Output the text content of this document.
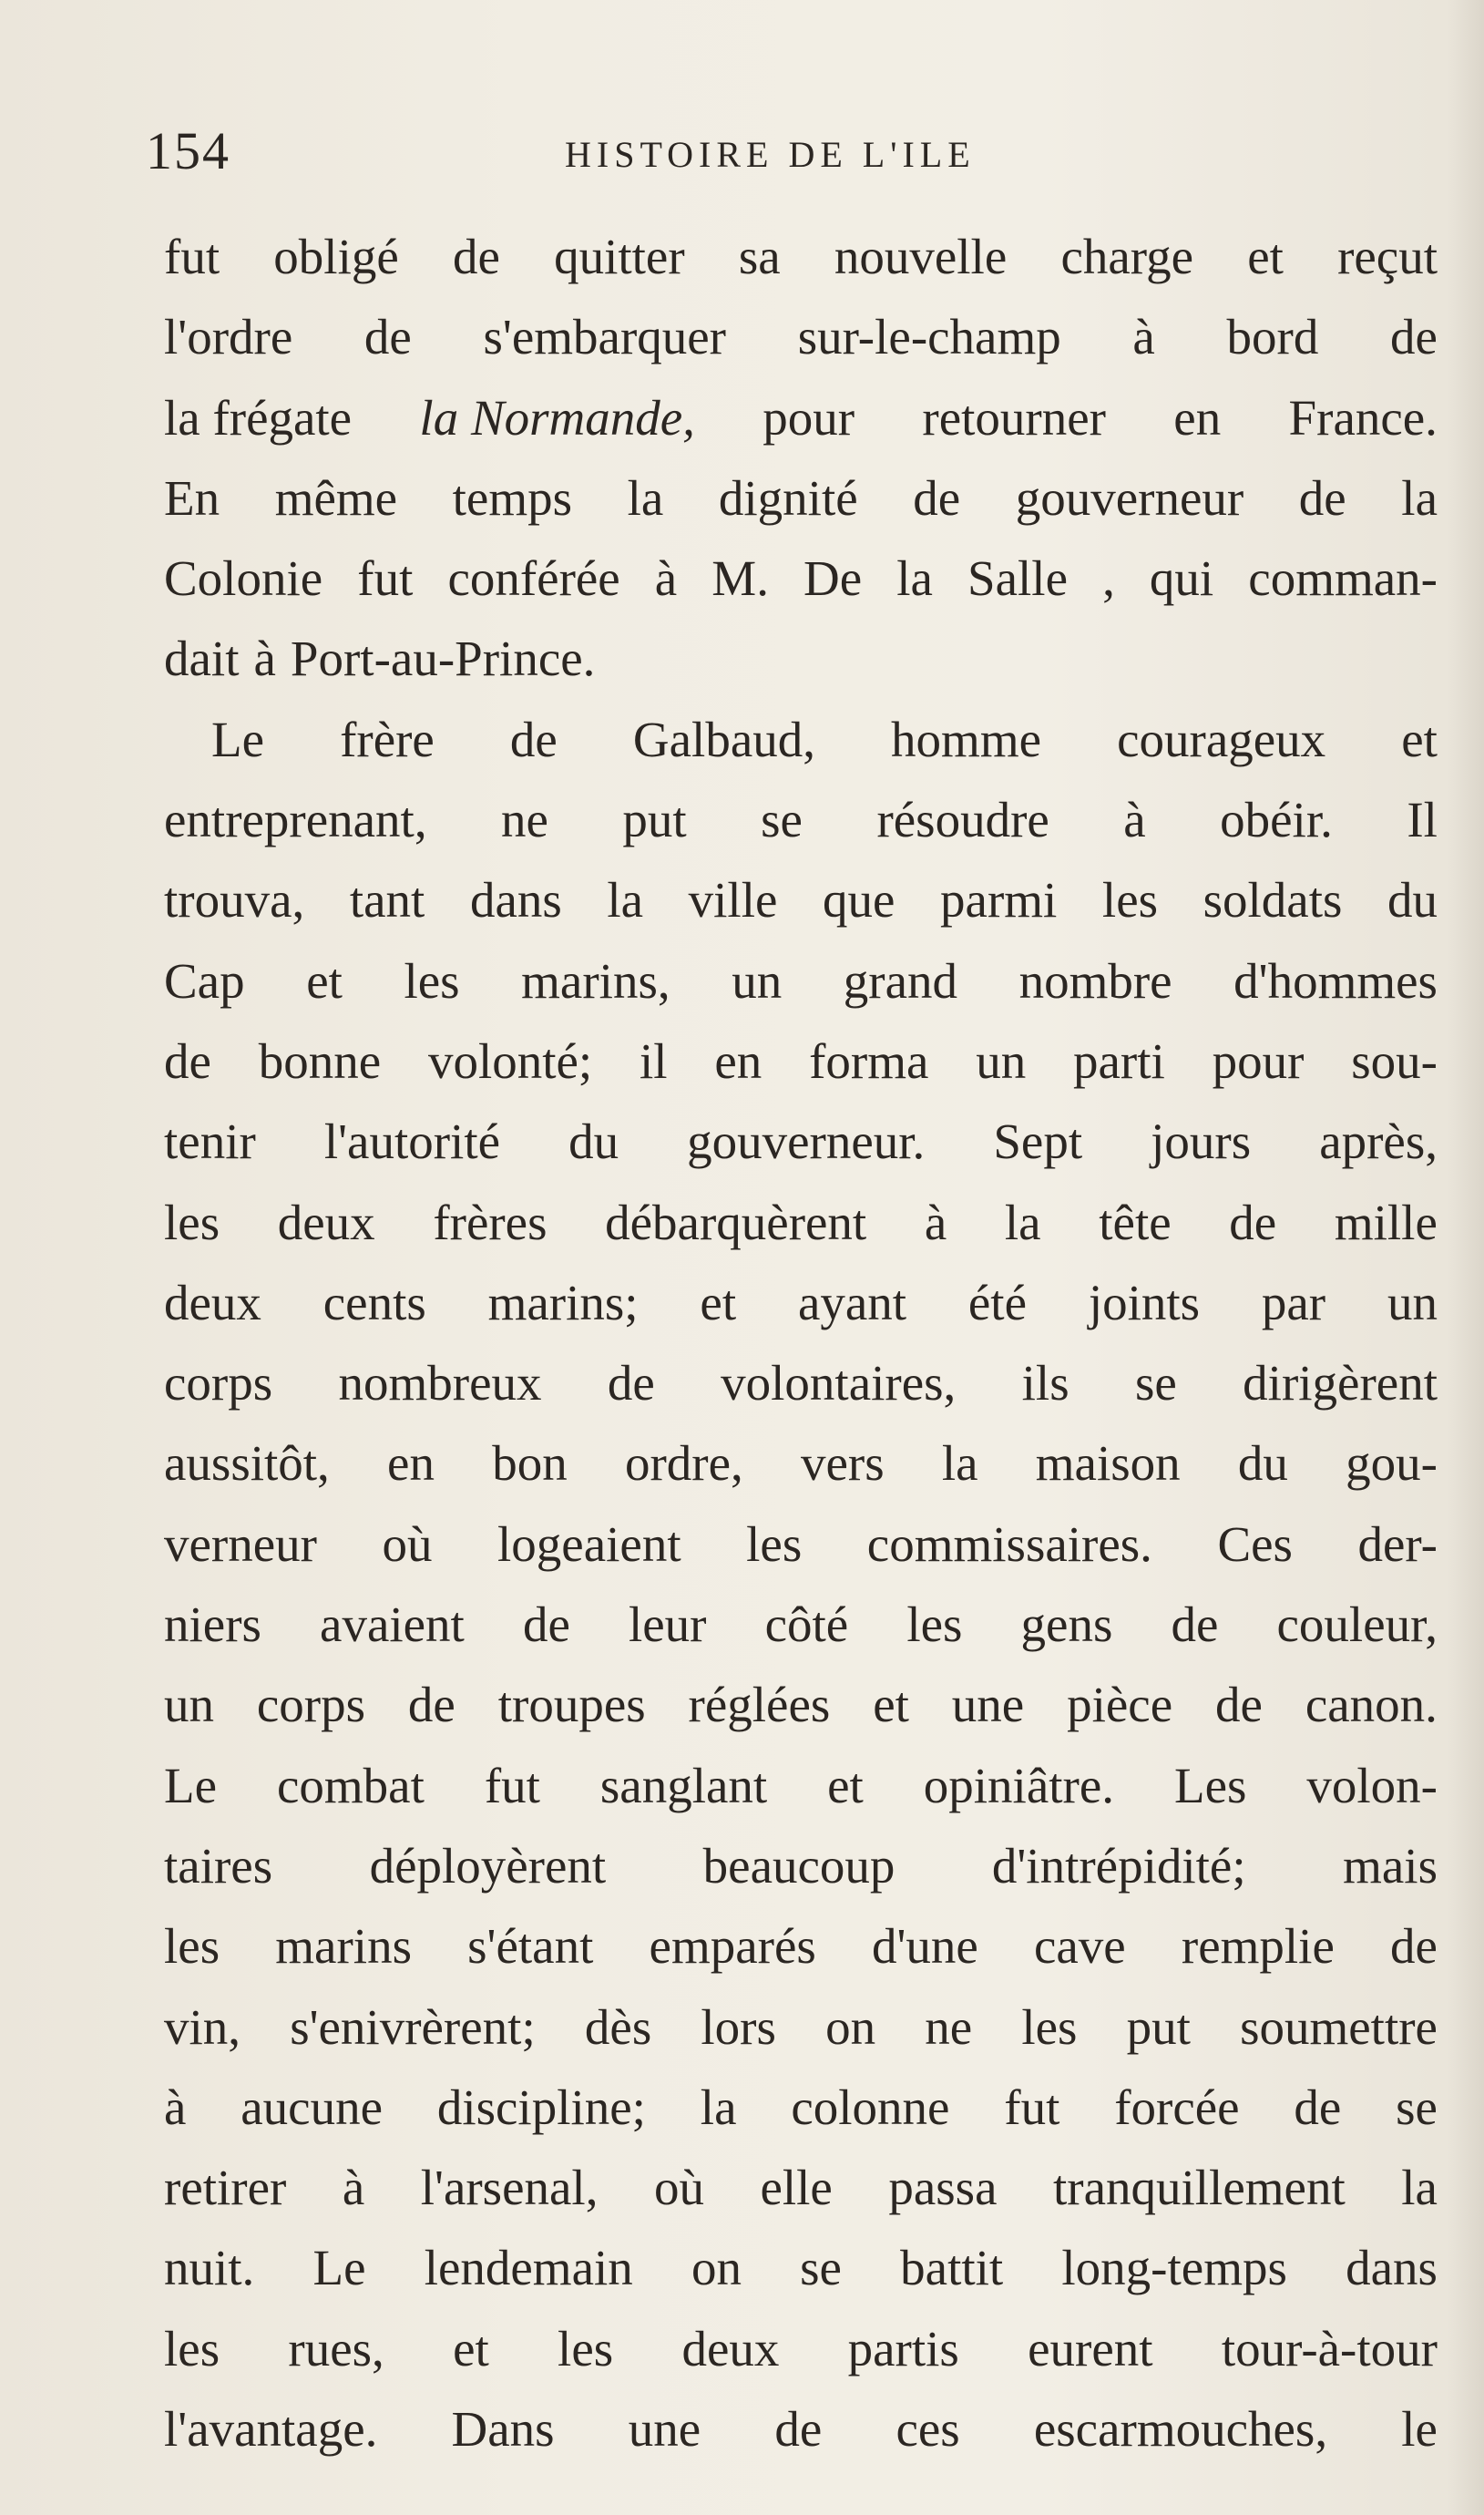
154	HISTOIRE DE L'ILE
fut obligé de quitter sa nouvelle charge et reçut
l'ordre de s'embarquer sur-le-champ à bord de
la frégate la Normande, pour retourner en France.
En même temps la dignité de gouverneur de la
Colonie fut conférée à M. De la Salle , qui comman-
dait à Port-au-Prince.
Le frère de Galbaud, homme courageux et
entreprenant, ne put se résoudre à obéir. Il
trouva, tant dans la ville que parmi les soldats du
Cap et les marins, un grand nombre d'hommes
de bonne volonté; il en forma un parti pour sou-
tenir l'autorité du gouverneur. Sept jours après,
les deux frères débarquèrent à la tête de mille
deux cents marins; et ayant été joints par un
corps nombreux de volontaires, ils se dirigèrent
aussitôt, en bon ordre, vers la maison du gou-
verneur où logeaient les commissaires. Ces der-
niers avaient de leur côté les gens de couleur,
un corps de troupes réglées et une pièce de canon.
Le combat fut sanglant et opiniâtre. Les volon-
taires déployèrent beaucoup d'intrépidité; mais
les marins s'étant emparés d'une cave remplie de
vin, s'enivrèrent; dès lors on ne les put soumettre
à aucune discipline; la colonne fut forcée de se
retirer à l'arsenal, où elle passa tranquillement la
nuit. Le lendemain on se battit long-temps dans
les rues, et les deux partis eurent tour-à-tour
l'avantage. Dans une de ces escarmouches, le
